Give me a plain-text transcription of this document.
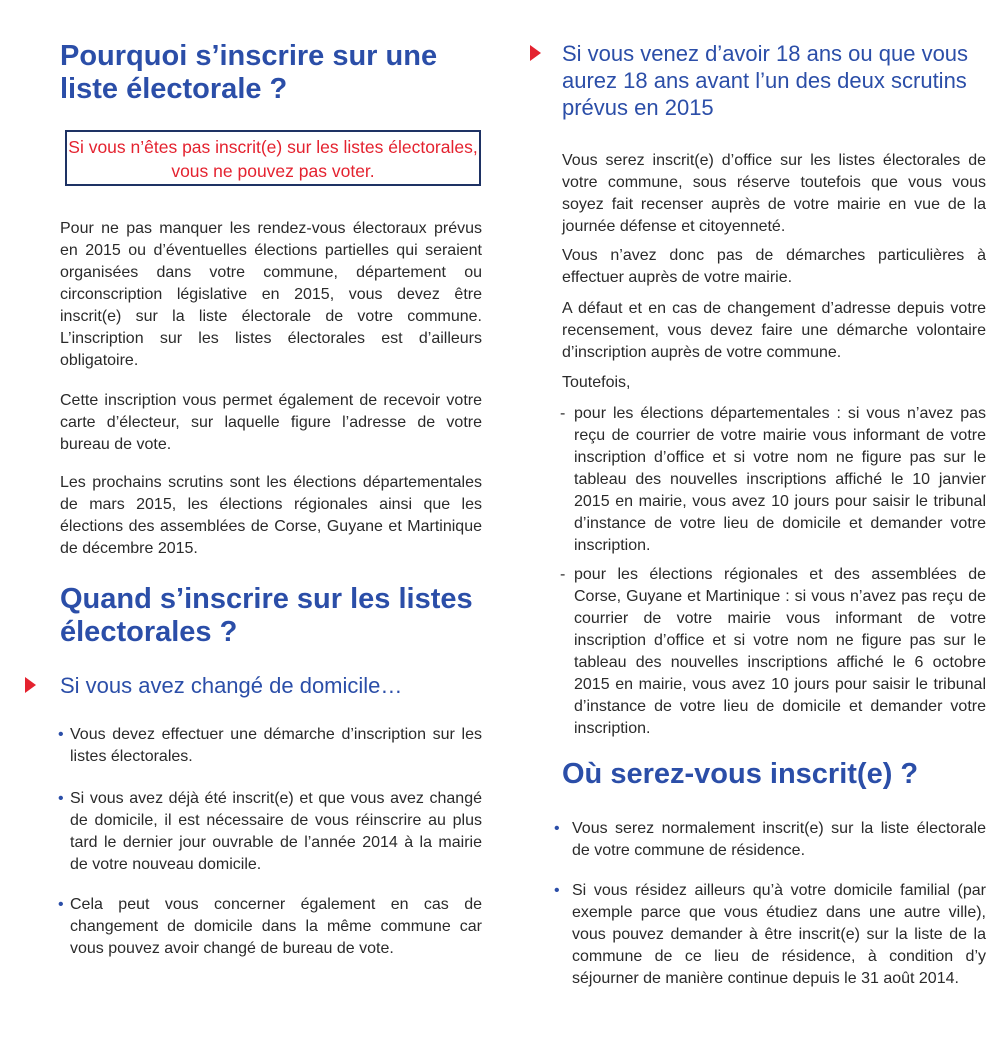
Pourquoi s’inscrire sur une liste électorale ?
Si vous n’êtes pas inscrit(e) sur les listes électorales, vous ne pouvez pas voter.

Pour ne pas manquer les rendez-vous électoraux prévus en 2015 ou d’éventuelles élections partielles qui seraient organisées dans votre commune, département ou circonscription législative en 2015, vous devez être inscrit(e) sur la liste électorale de votre commune. L’inscription sur les listes électorales est d’ailleurs obligatoire.

Cette inscription vous permet également de recevoir votre carte d’électeur, sur laquelle figure l’adresse de votre bureau de vote.

Les prochains scrutins sont les élections départementales de mars 2015, les élections régionales ainsi que les élections des assemblées de Corse, Guyane et Martinique de décembre 2015.

Quand s’inscrire sur les listes électorales ?
Si vous avez changé de domicile…

• Vous devez effectuer une démarche d’inscription sur les listes électorales.

• Si vous avez déjà été inscrit(e) et que vous avez changé de domicile, il est nécessaire de vous réinscrire au plus tard le dernier jour ouvrable de l’année 2014 à la mairie de votre nouveau domicile.

• Cela peut vous concerner également en cas de changement de domicile dans la même commune car vous pouvez avoir changé de bureau de vote.

Si vous venez d’avoir 18 ans ou que vous aurez 18 ans avant l’un des deux scrutins prévus en 2015

Vous serez inscrit(e) d’office sur les listes électorales de votre commune, sous réserve toutefois que vous vous soyez fait recenser auprès de votre mairie en vue de la journée défense et citoyenneté.

Vous n’avez donc pas de démarches particulières à effectuer auprès de votre mairie.

A défaut et en cas de changement d’adresse depuis votre recensement, vous devez faire une démarche volontaire d’inscription auprès de votre commune.

Toutefois,

- pour les élections départementales : si vous n’avez pas reçu de courrier de votre mairie vous informant de votre inscription d’office et si votre nom ne figure pas sur le tableau des nouvelles inscriptions affiché le 10 janvier 2015 en mairie, vous avez 10 jours pour saisir le tribunal d’instance de votre lieu de domicile et demander votre inscription.

- pour les élections régionales et des assemblées de Corse, Guyane et Martinique : si vous n’avez pas reçu de courrier de votre mairie vous informant de votre inscription d’office et si votre nom ne figure pas sur le tableau des nouvelles inscriptions affiché le 6 octobre 2015 en mairie, vous avez 10 jours pour saisir le tribunal d’instance de votre lieu de domicile et demander votre inscription.

Où serez-vous inscrit(e) ?

• Vous serez normalement inscrit(e) sur la liste électorale de votre commune de résidence.

• Si vous résidez ailleurs qu’à votre domicile familial (par exemple parce que vous étudiez dans une autre ville), vous pouvez demander à être inscrit(e) sur la liste de la commune de ce lieu de résidence, à condition d’y séjourner de manière continue depuis le 31 août 2014.
